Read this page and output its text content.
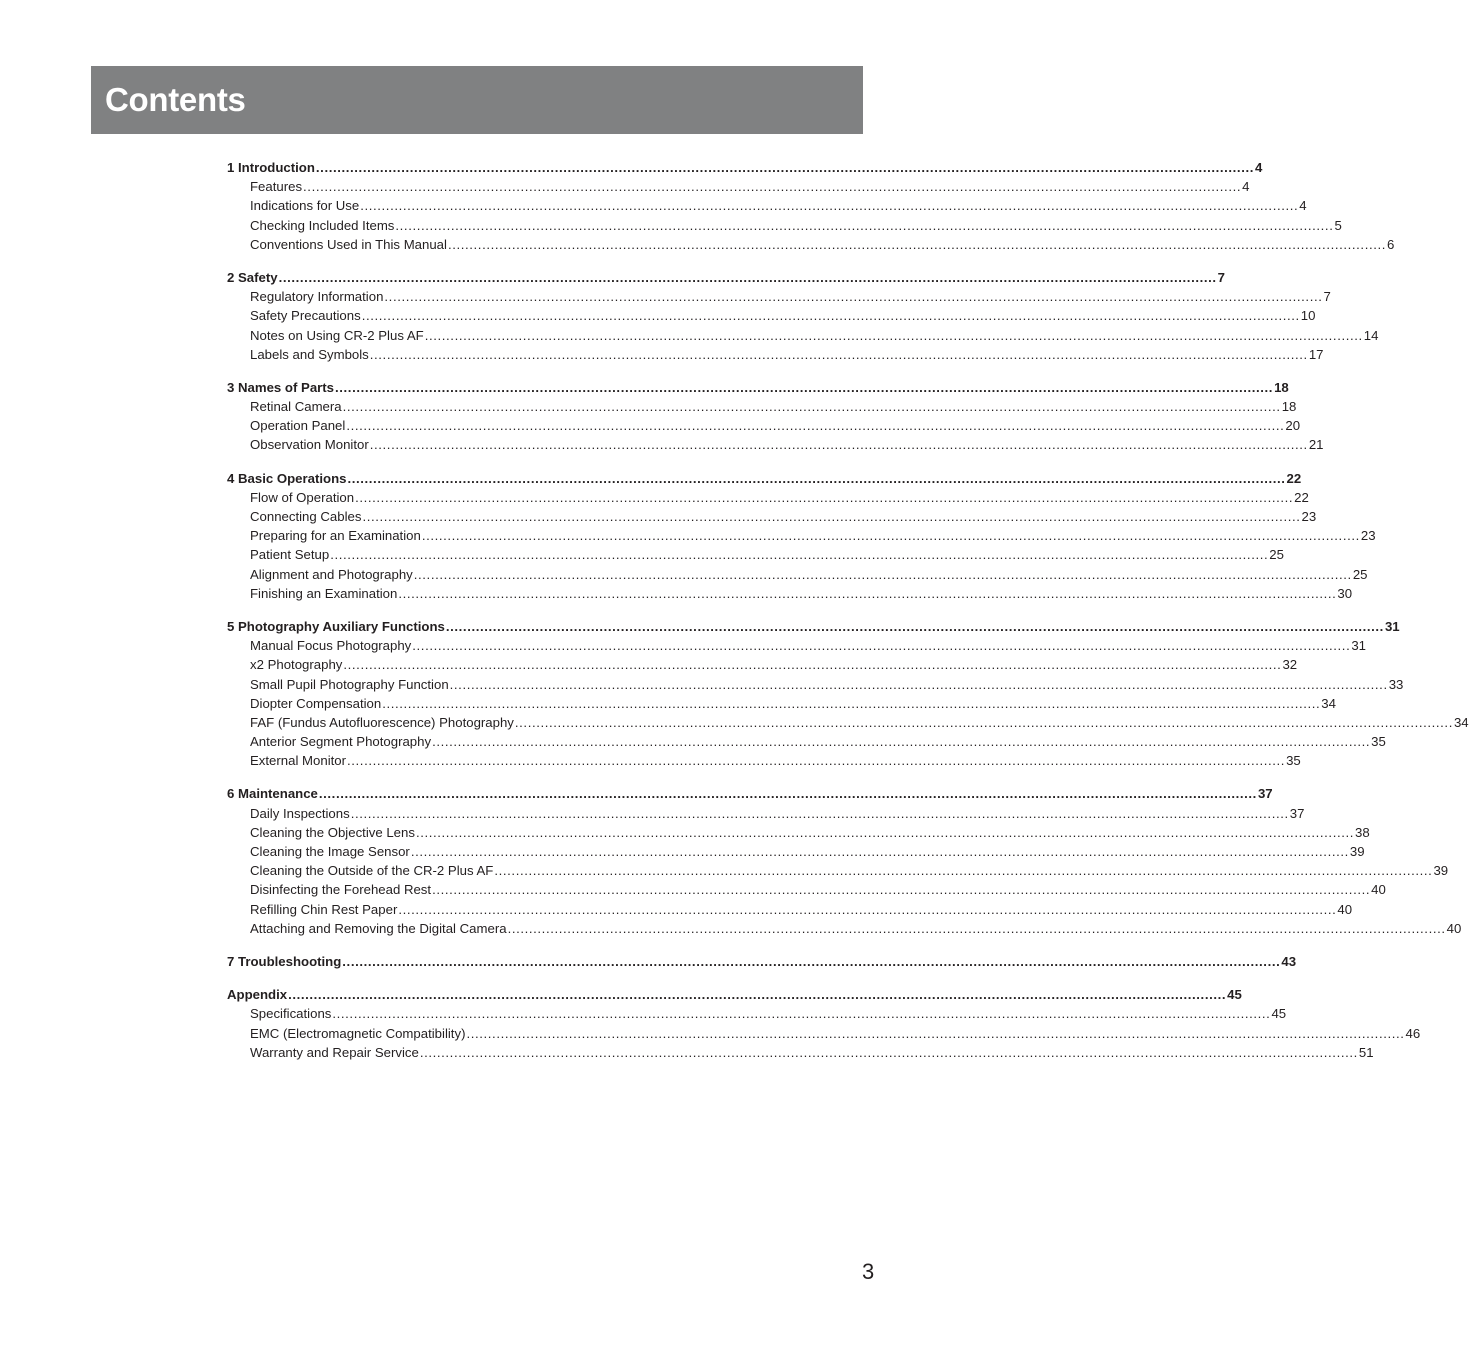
Contents
1 Introduction ............................................................................................................................................................................................................................ 4
Features ............................................................................................................................................................................................................................ 4
Indications for Use ............................................................................................................................................................................................................................ 4
Checking Included Items ............................................................................................................................................................................................................................ 5
Conventions Used in This Manual ............................................................................................................................................................................................................................ 6
2 Safety ............................................................................................................................................................................................................................ 7
Regulatory Information ............................................................................................................................................................................................................................ 7
Safety Precautions ............................................................................................................................................................................................................................ 10
Notes on Using CR-2 Plus AF ............................................................................................................................................................................................................................ 14
Labels and Symbols ............................................................................................................................................................................................................................ 17
3 Names of Parts ............................................................................................................................................................................................................................ 18
Retinal Camera ............................................................................................................................................................................................................................ 18
Operation Panel ............................................................................................................................................................................................................................ 20
Observation Monitor ............................................................................................................................................................................................................................ 21
4 Basic Operations ............................................................................................................................................................................................................................ 22
Flow of Operation ............................................................................................................................................................................................................................ 22
Connecting Cables ............................................................................................................................................................................................................................ 23
Preparing for an Examination ............................................................................................................................................................................................................................ 23
Patient Setup ............................................................................................................................................................................................................................ 25
Alignment and Photography ............................................................................................................................................................................................................................ 25
Finishing an Examination ............................................................................................................................................................................................................................ 30
5 Photography Auxiliary Functions ............................................................................................................................................................................................................................ 31
Manual Focus Photography ............................................................................................................................................................................................................................ 31
x2 Photography ............................................................................................................................................................................................................................ 32
Small Pupil Photography Function ............................................................................................................................................................................................................................ 33
Diopter Compensation ............................................................................................................................................................................................................................ 34
FAF (Fundus Autofluorescence) Photography ............................................................................................................................................................................................................................ 34
Anterior Segment Photography ............................................................................................................................................................................................................................ 35
External Monitor ............................................................................................................................................................................................................................ 35
6 Maintenance ............................................................................................................................................................................................................................ 37
Daily Inspections ............................................................................................................................................................................................................................ 37
Cleaning the Objective Lens ............................................................................................................................................................................................................................ 38
Cleaning the Image Sensor ............................................................................................................................................................................................................................ 39
Cleaning the Outside of the CR-2 Plus AF ............................................................................................................................................................................................................................ 39
Disinfecting the Forehead Rest ............................................................................................................................................................................................................................ 40
Refilling Chin Rest Paper ............................................................................................................................................................................................................................ 40
Attaching and Removing the Digital Camera ............................................................................................................................................................................................................................ 40
7 Troubleshooting ............................................................................................................................................................................................................................ 43
Appendix ............................................................................................................................................................................................................................ 45
Specifications ............................................................................................................................................................................................................................ 45
EMC (Electromagnetic Compatibility) ............................................................................................................................................................................................................................ 46
Warranty and Repair Service ............................................................................................................................................................................................................................ 51
3
